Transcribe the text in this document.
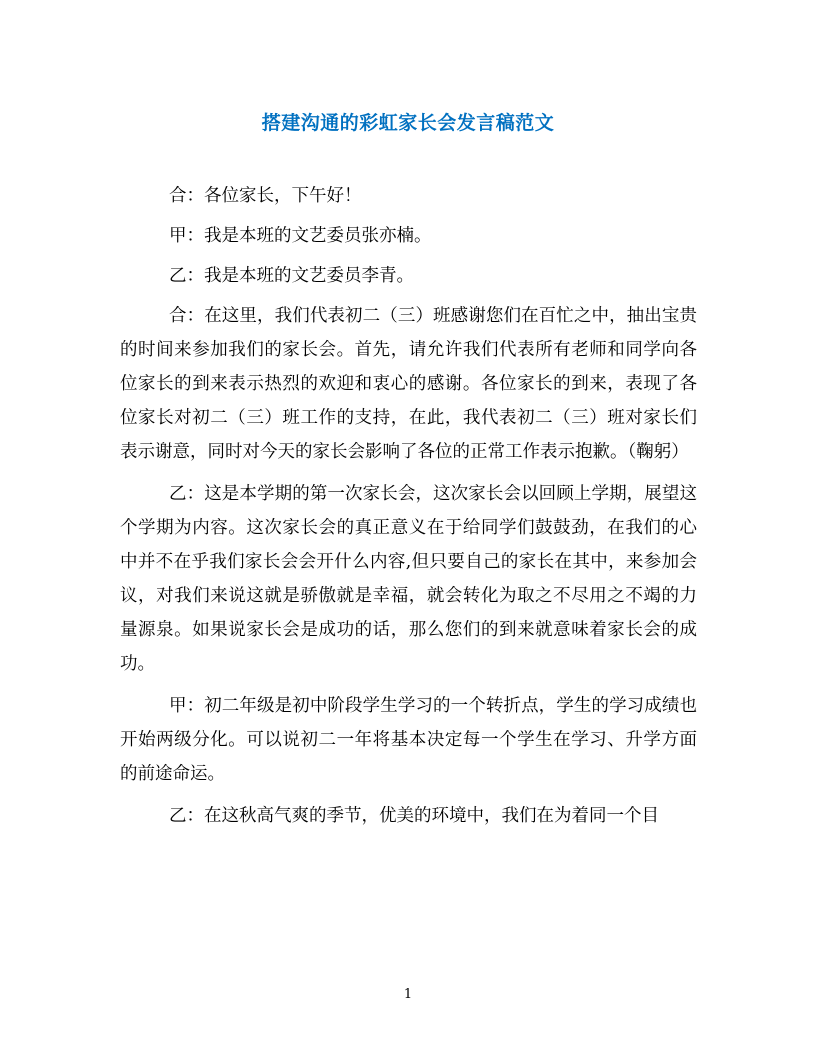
搭建沟通的彩虹家长会发言稿范文

合：各位家长，下午好！

甲：我是本班的文艺委员张亦楠。

乙：我是本班的文艺委员李青。

合：在这里，我们代表初二（三）班感谢您们在百忙之中，抽出宝贵的时间来参加我们的家长会。首先，请允许我们代表所有老师和同学向各位家长的到来表示热烈的欢迎和衷心的感谢。各位家长的到来，表现了各位家长对初二（三）班工作的支持，在此，我代表初二（三）班对家长们表示谢意，同时对今天的家长会影响了各位的正常工作表示抱歉。（鞠躬）

乙：这是本学期的第一次家长会，这次家长会以回顾上学期，展望这个学期为内容。这次家长会的真正意义在于给同学们鼓鼓劲，在我们的心中并不在乎我们家长会会开什么内容,但只要自己的家长在其中，来参加会议，对我们来说这就是骄傲就是幸福，就会转化为取之不尽用之不竭的力量源泉。如果说家长会是成功的话，那么您们的到来就意味着家长会的成功。

甲：初二年级是初中阶段学生学习的一个转折点，学生的学习成绩也开始两级分化。可以说初二一年将基本决定每一个学生在学习、升学方面的前途命运。

乙：在这秋高气爽的季节，优美的环境中，我们在为着同一个目

1
